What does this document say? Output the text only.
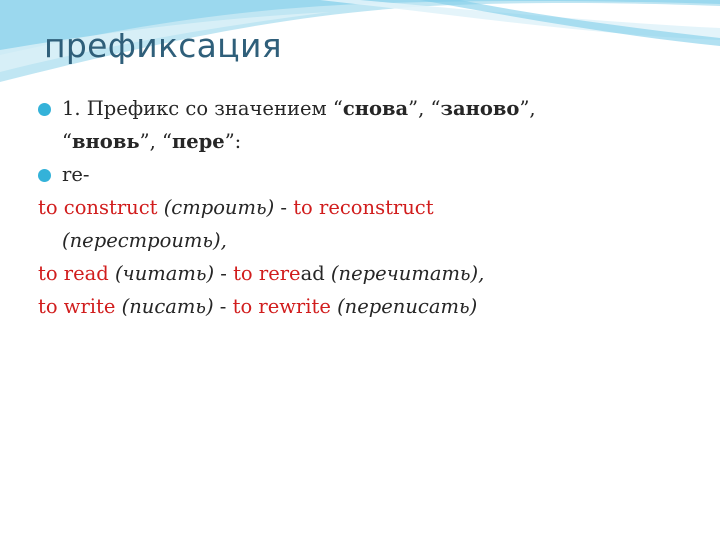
префиксация
1. Префикс со значением “снова”, “заново”,
“вновь”, “пере”:
re-
to construct (строить) - to reconstruct
(перестроить),
to read (читать) - to reread (перечитать),
to write (писать) - to rewrite (переписать)
